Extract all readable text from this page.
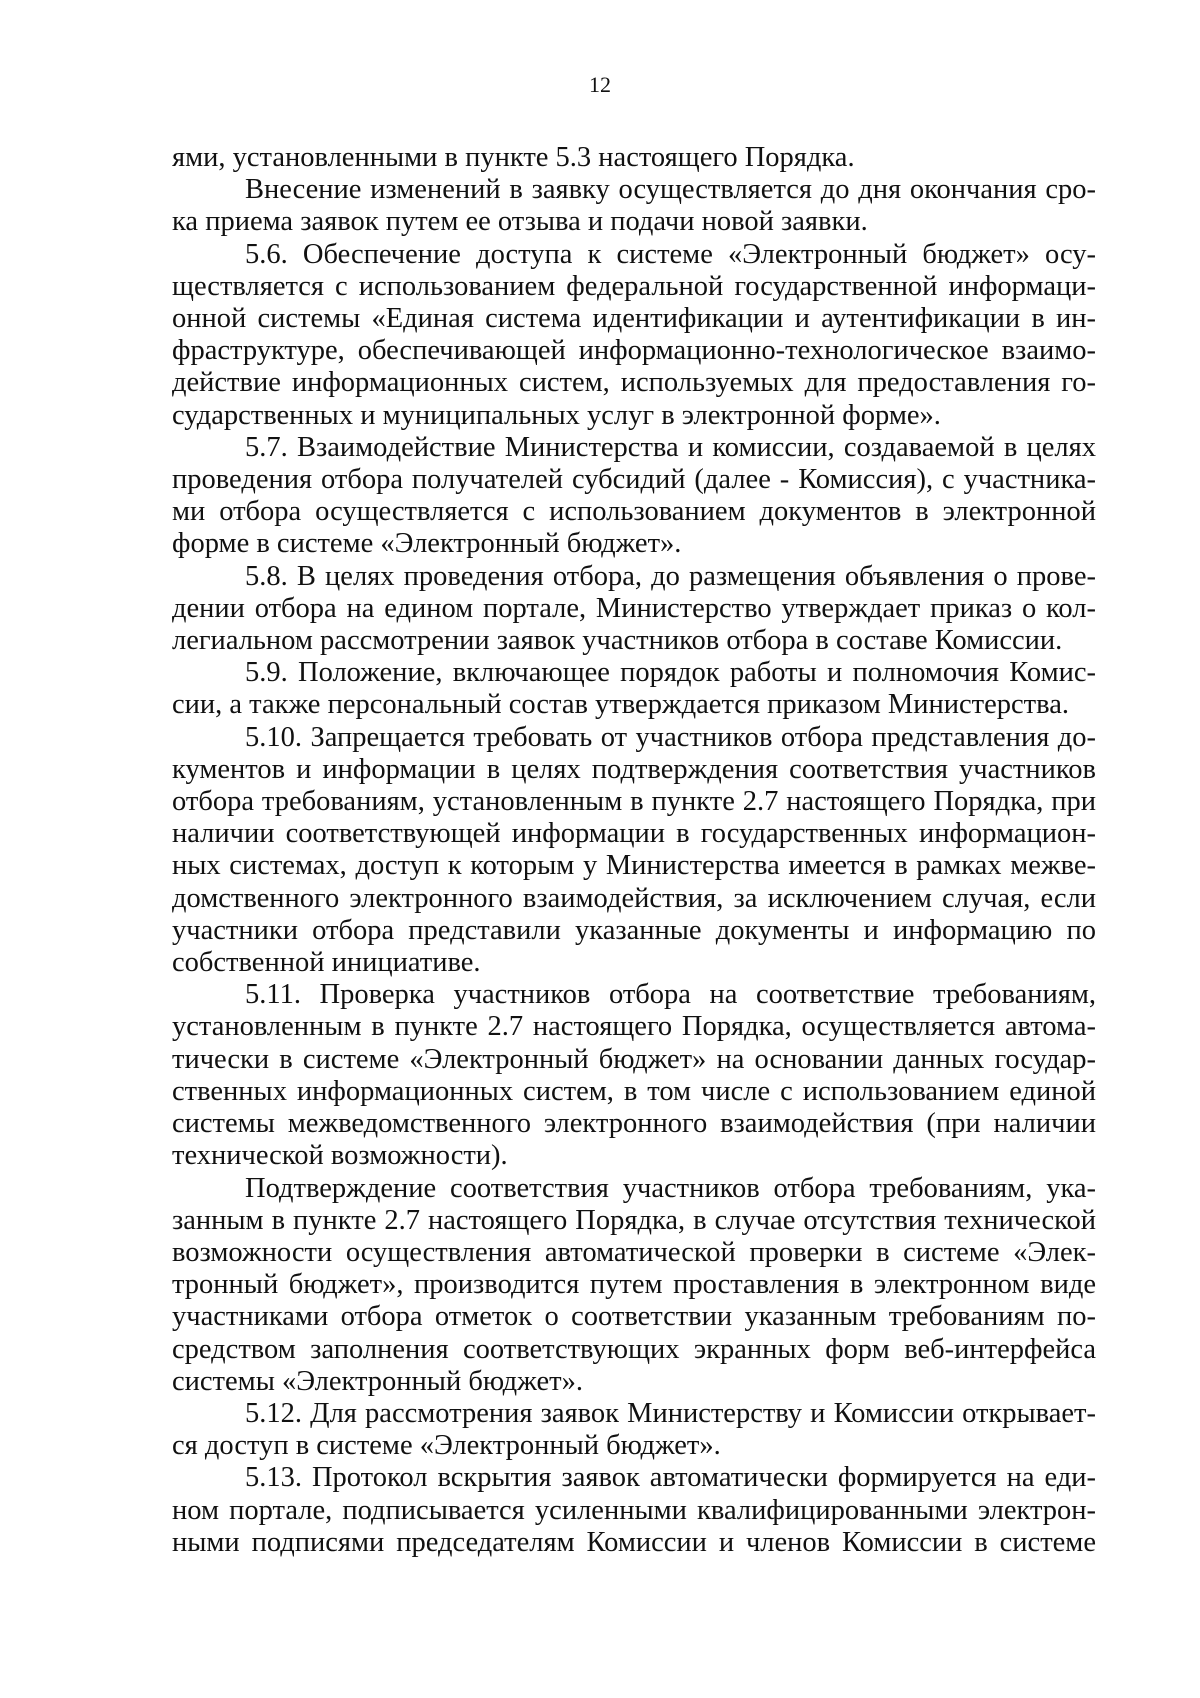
12

ями, установленными в пункте 5.3 настоящего Порядка.

Внесение изменений в заявку осуществляется до дня окончания сро-
ка приема заявок путем ее отзыва и подачи новой заявки.

5.6. Обеспечение доступа к системе «Электронный бюджет» осу-
ществляется с использованием федеральной государственной информаци-
онной системы «Единая система идентификации и аутентификации в ин-
фраструктуре, обеспечивающей информационно-технологическое взаимо-
действие информационных систем, используемых для предоставления го-
сударственных и муниципальных услуг в электронной форме».

5.7. Взаимодействие Министерства и комиссии, создаваемой в целях
проведения отбора получателей субсидий (далее - Комиссия), с участника-
ми отбора осуществляется с использованием документов в электронной
форме в системе «Электронный бюджет».

5.8. В целях проведения отбора, до размещения объявления о прове-
дении отбора на едином портале, Министерство утверждает приказ о кол-
легиальном рассмотрении заявок участников отбора в составе Комиссии.

5.9. Положение, включающее порядок работы и полномочия Комис-
сии, а также персональный состав утверждается приказом Министерства.

5.10. Запрещается требовать от участников отбора представления до-
кументов и информации в целях подтверждения соответствия участников
отбора требованиям, установленным в пункте 2.7 настоящего Порядка, при
наличии соответствующей информации в государственных информацион-
ных системах, доступ к которым у Министерства имеется в рамках межве-
домственного электронного взаимодействия, за исключением случая, если
участники отбора представили указанные документы и информацию по
собственной инициативе.

5.11. Проверка участников отбора на соответствие требованиям,
установленным в пункте 2.7 настоящего Порядка, осуществляется автома-
тически в системе «Электронный бюджет» на основании данных государ-
ственных информационных систем, в том числе с использованием единой
системы межведомственного электронного взаимодействия (при наличии
технической возможности).

Подтверждение соответствия участников отбора требованиям, ука-
занным в пункте 2.7 настоящего Порядка, в случае отсутствия технической
возможности осуществления автоматической проверки в системе «Элек-
тронный бюджет», производится путем проставления в электронном виде
участниками отбора отметок о соответствии указанным требованиям по-
средством заполнения соответствующих экранных форм веб-интерфейса
системы «Электронный бюджет».

5.12. Для рассмотрения заявок Министерству и Комиссии открывает-
ся доступ в системе «Электронный бюджет».

5.13. Протокол вскрытия заявок автоматически формируется на еди-
ном портале, подписывается усиленными квалифицированными электрон-
ными подписями председателям Комиссии и членов Комиссии в системе
